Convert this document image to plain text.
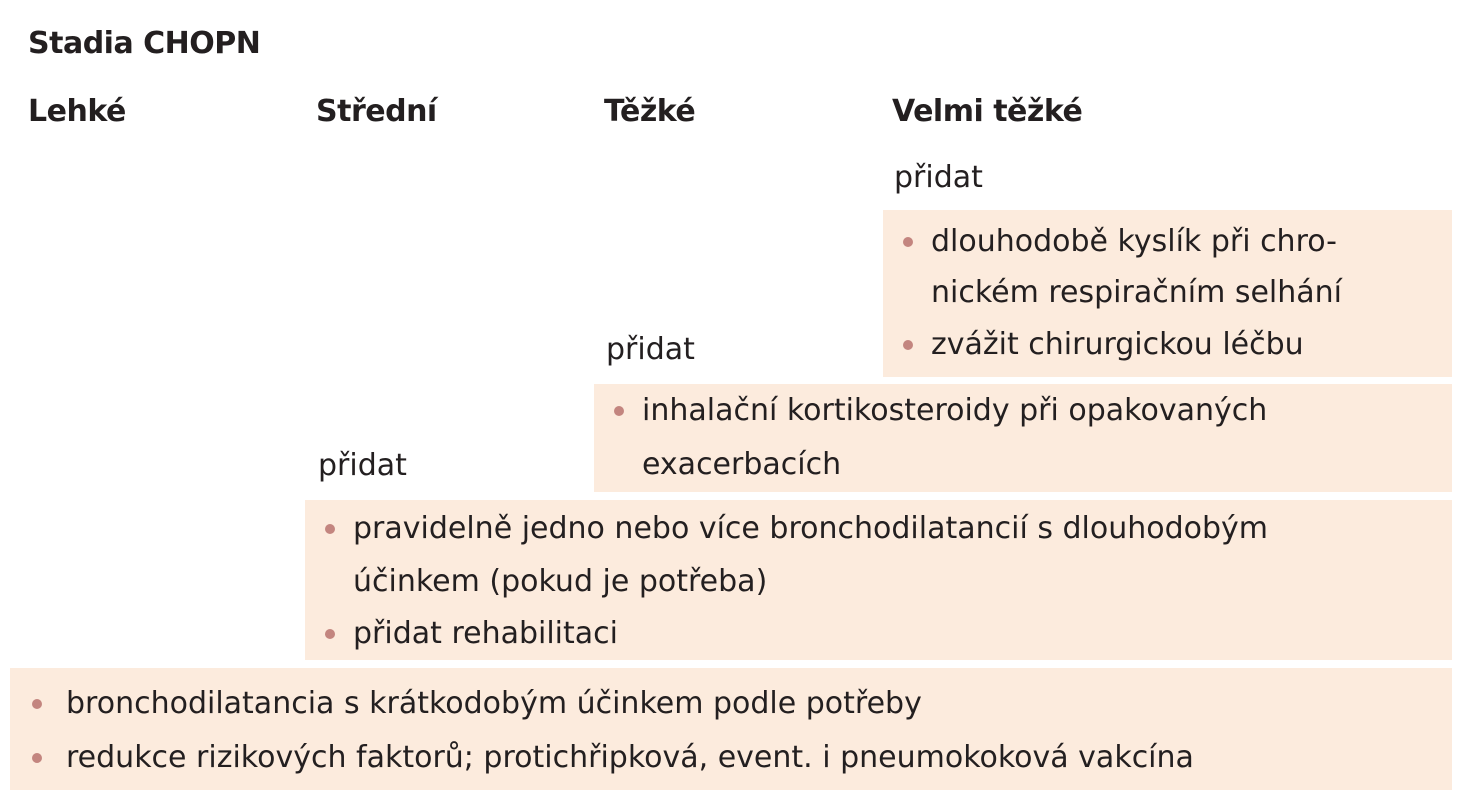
Stadia CHOPN
Lehké	Střední	Těžké	Velmi těžké
přidat
dlouhodobě kyslík při chro-
nickém respiračním selhání
zvážit chirurgickou léčbu
přidat
inhalační kortikosteroidy při opakovaných
exacerbacích
přidat
pravidelně jedno nebo více bronchodilatancií s dlouhodobým
účinkem (pokud je potřeba)
přidat rehabilitaci
bronchodilatancia s krátkodobým účinkem podle potřeby
redukce rizikových faktorů; protichřipková, event. i pneumokoková vakcína
